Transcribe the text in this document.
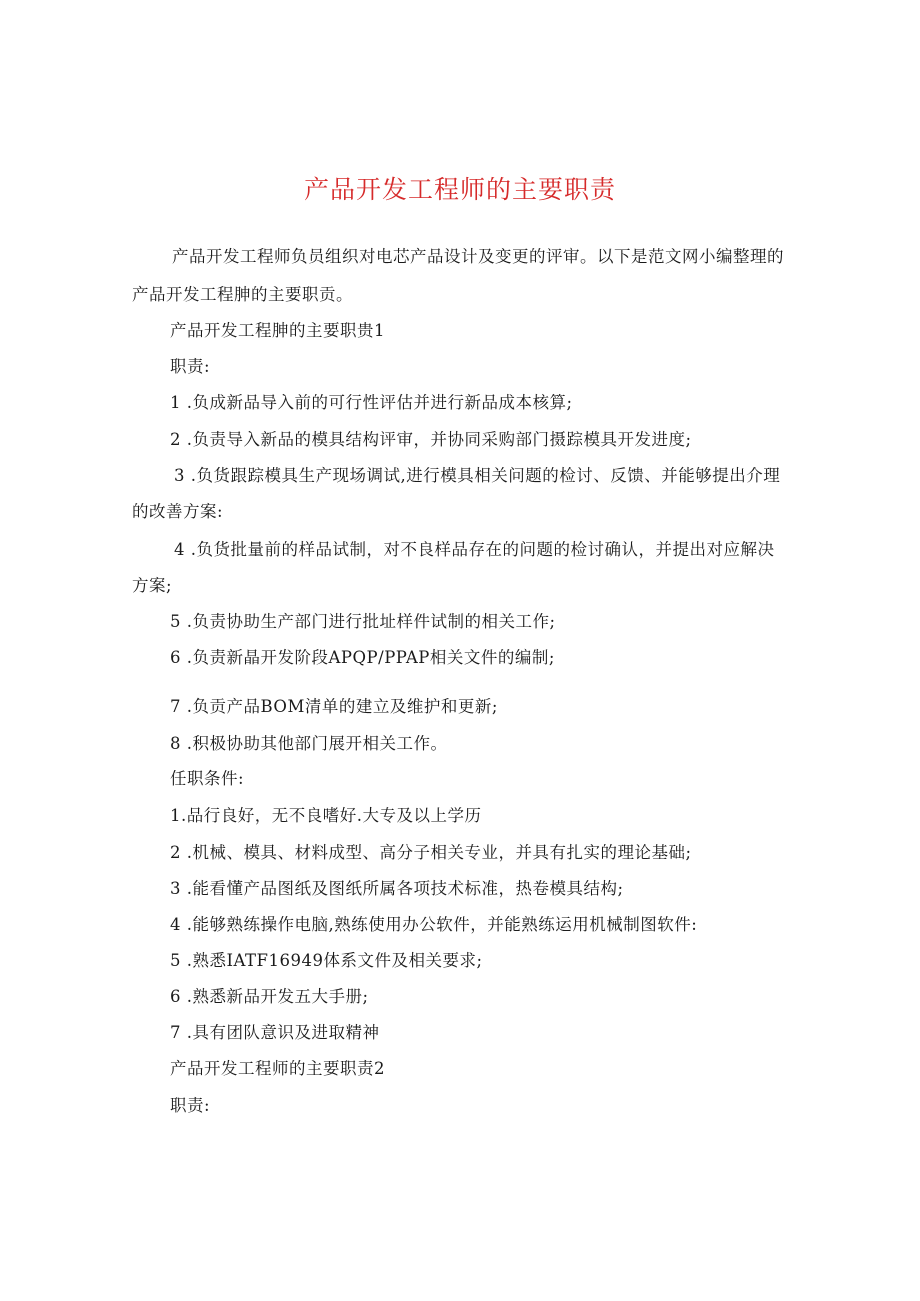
产品开发工程师的主要职责
产品开发工程师负员组织对电芯产品设计及变更的评审。以下是范文网小编整理的
产品开发工程胂的主要职贡。
产品开发工程胂的主要职贵1
职责:
1 .负成新品导入前的可行性评估并进行新品成本核算;
2 .负责导入新品的模具结构评审，并协同采购部门摄踪模具开发进度;
3 .负货跟踪模具生产现场调试,进行模具相关问题的检讨、反馈、并能够提出介理
的改善方案:
4 .负货批量前的样品试制，对不良样品存在的问题的检讨确认，并提出对应解决
方案;
5 .负责协助生产部门进行批址样件试制的相关工作;
6 .负责新晶开发阶段APQP/PPAP相关文件的编制;
7 .负贡产品BOM清单的建立及维护和更新;
8 .积极协助其他部门展开相关工作。
任职条件:
1.品行良好，无不良嗜好.大专及以上学历
2 .机械、模具、材料成型、高分子相关专业，并具有扎实的理论基础;
3 .能看懂产品图纸及图纸所属各项技术标准，热卷模具结构;
4 .能够熟练操作电脑,熟练使用办公软件，并能熟练运用机械制图软件:
5 .熟悉IATF16949体系文件及相关要求;
6 .熟悉新品开发五大手册;
7 .具有团队意识及进取精神
产品开发工程师的主要职责2
职责:
